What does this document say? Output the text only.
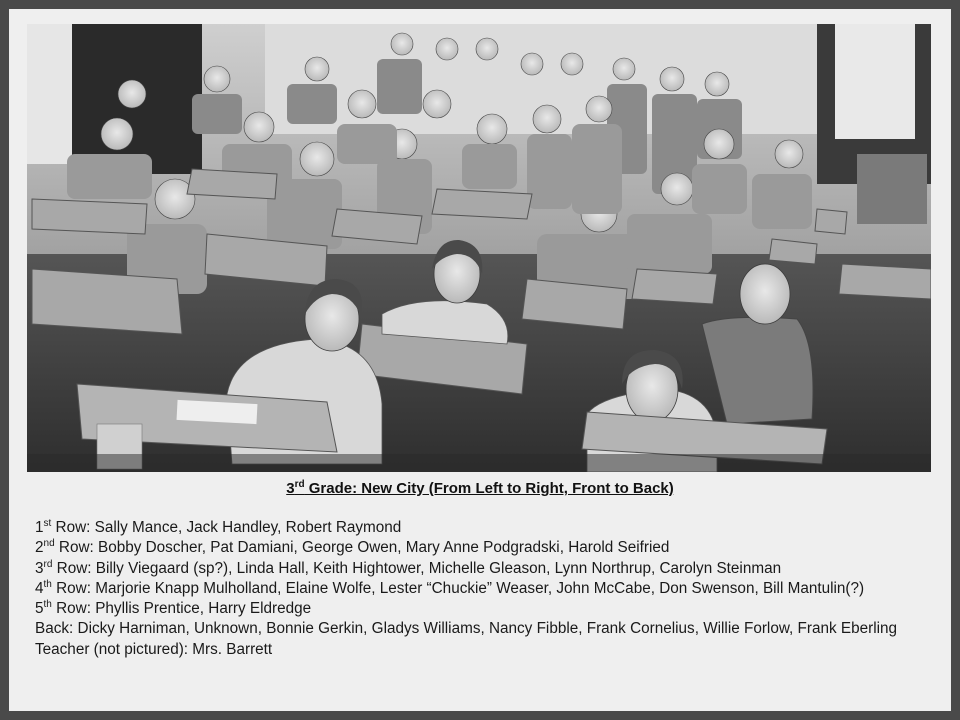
3rd Grade: New City (From Left to Right, Front to Back)
1st Row: Sally Mance, Jack Handley, Robert Raymond
2nd Row: Bobby Doscher, Pat Damiani, George Owen, Mary Anne Podgradski, Harold Seifried
3rd Row: Billy Viegaard (sp?), Linda Hall, Keith Hightower, Michelle Gleason, Lynn Northrup, Carolyn Steinman
4th Row: Marjorie Knapp Mulholland, Elaine Wolfe, Lester “Chuckie” Weaser, John McCabe, Don Swenson, Bill Mantulin(?)
5th Row: Phyllis Prentice, Harry Eldredge
Back: Dicky Harniman, Unknown, Bonnie Gerkin, Gladys Williams, Nancy Fibble, Frank Cornelius, Willie Forlow, Frank Eberling
Teacher (not pictured): Mrs. Barrett
